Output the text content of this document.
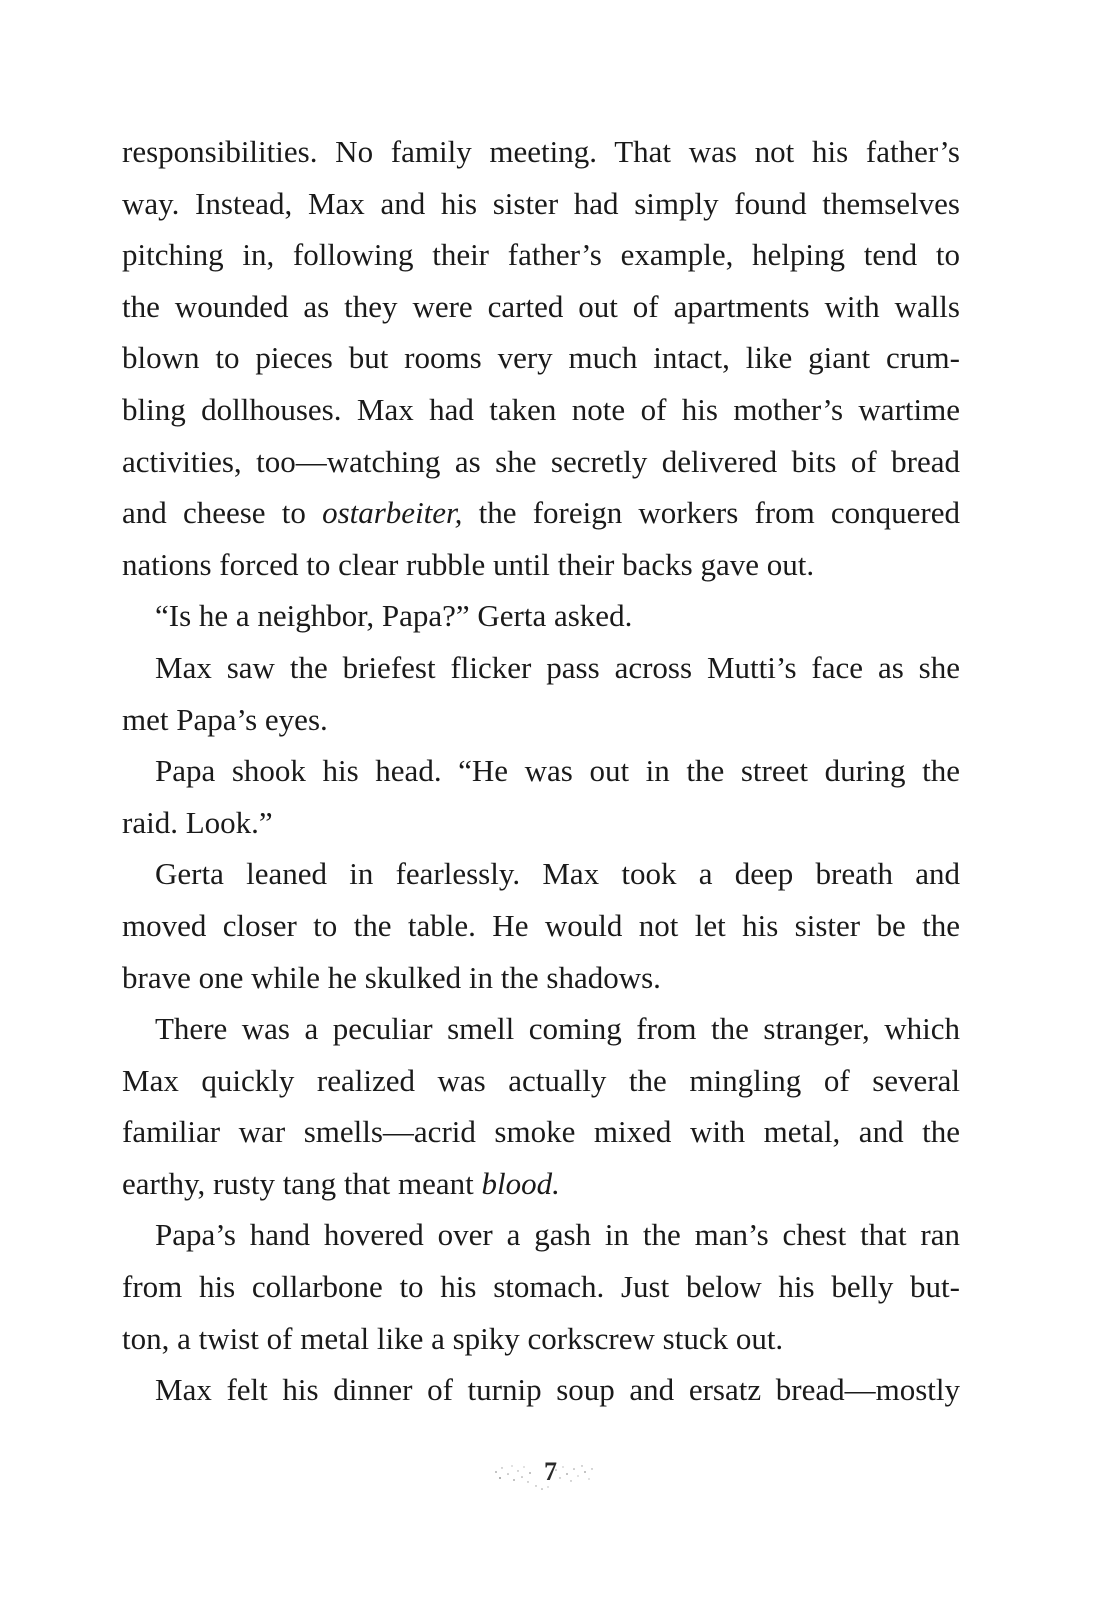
responsibilities. No family meeting. That was not his father’s
way. Instead, Max and his sister had simply found themselves
pitching in, following their father’s example, helping tend to
the wounded as they were carted out of apartments with walls
blown to pieces but rooms very much intact, like giant crum-
bling dollhouses. Max had taken note of his mother’s wartime
activities, too—watching as she secretly delivered bits of bread
and cheese to ostarbeiter, the foreign workers from conquered
nations forced to clear rubble until their backs gave out.
“Is he a neighbor, Papa?” Gerta asked.
Max saw the briefest flicker pass across Mutti’s face as she
met Papa’s eyes.
Papa shook his head. “He was out in the street during the
raid. Look.”
Gerta leaned in fearlessly. Max took a deep breath and
moved closer to the table. He would not let his sister be the
brave one while he skulked in the shadows.
There was a peculiar smell coming from the stranger, which
Max quickly realized was actually the mingling of several
familiar war smells—acrid smoke mixed with metal, and the
earthy, rusty tang that meant blood.
Papa’s hand hovered over a gash in the man’s chest that ran
from his collarbone to his stomach. Just below his belly but-
ton, a twist of metal like a spiky corkscrew stuck out.
Max felt his dinner of turnip soup and ersatz bread—mostly
7
